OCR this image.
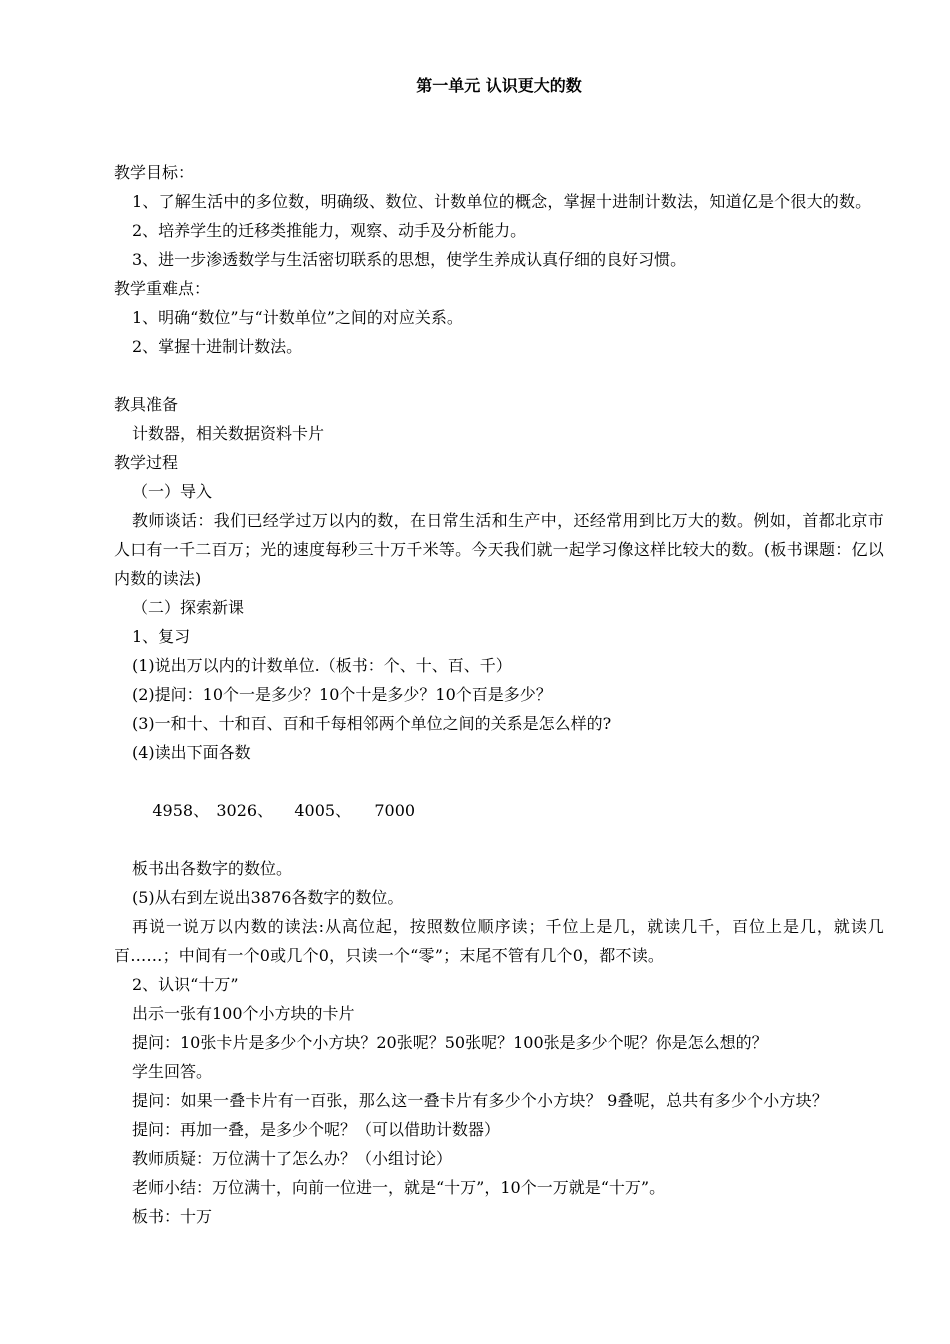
第一单元 认识更大的数

教学目标：

1、了解生活中的多位数，明确级、数位、计数单位的概念，掌握十进制计数法，知道亿是个很大的数。

2、培养学生的迁移类推能力，观察、动手及分析能力。

3、进一步渗透数学与生活密切联系的思想，使学生养成认真仔细的良好习惯。

教学重难点：

1、明确“数位”与“计数单位”之间的对应关系。

2、掌握十进制计数法。

教具准备

计数器，相关数据资料卡片

教学过程

（一）导入

教师谈话：我们已经学过万以内的数，在日常生活和生产中，还经常用到比万大的数。例如，首都北京市人口有一千二百万；光的速度每秒三十万千米等。今天我们就一起学习像这样比较大的数。(板书课题：亿以内数的读法)

（二）探索新课

1、复习

(1)说出万以内的计数单位.（板书：个、十、百、千）

(2)提问：10个一是多少？10个十是多少？10个百是多少？

(3)一和十、十和百、百和千每相邻两个单位之间的关系是怎么样的?

(4)读出下面各数

4958、 3026、 4005、 7000

板书出各数字的数位。

(5)从右到左说出3876各数字的数位。

再说一说万以内数的读法:从高位起，按照数位顺序读；千位上是几，就读几千，百位上是几，就读几百……；中间有一个0或几个0，只读一个“零”；末尾不管有几个0，都不读。

2、认识“十万”

出示一张有100个小方块的卡片

提问：10张卡片是多少个小方块？20张呢？50张呢？100张是多少个呢？你是怎么想的？

学生回答。

提问：如果一叠卡片有一百张，那么这一叠卡片有多少个小方块？ 9叠呢，总共有多少个小方块？

提问：再加一叠，是多少个呢？（可以借助计数器）

教师质疑：万位满十了怎么办？（小组讨论）

老师小结：万位满十，向前一位进一，就是“十万”，10个一万就是“十万”。

板书：十万
